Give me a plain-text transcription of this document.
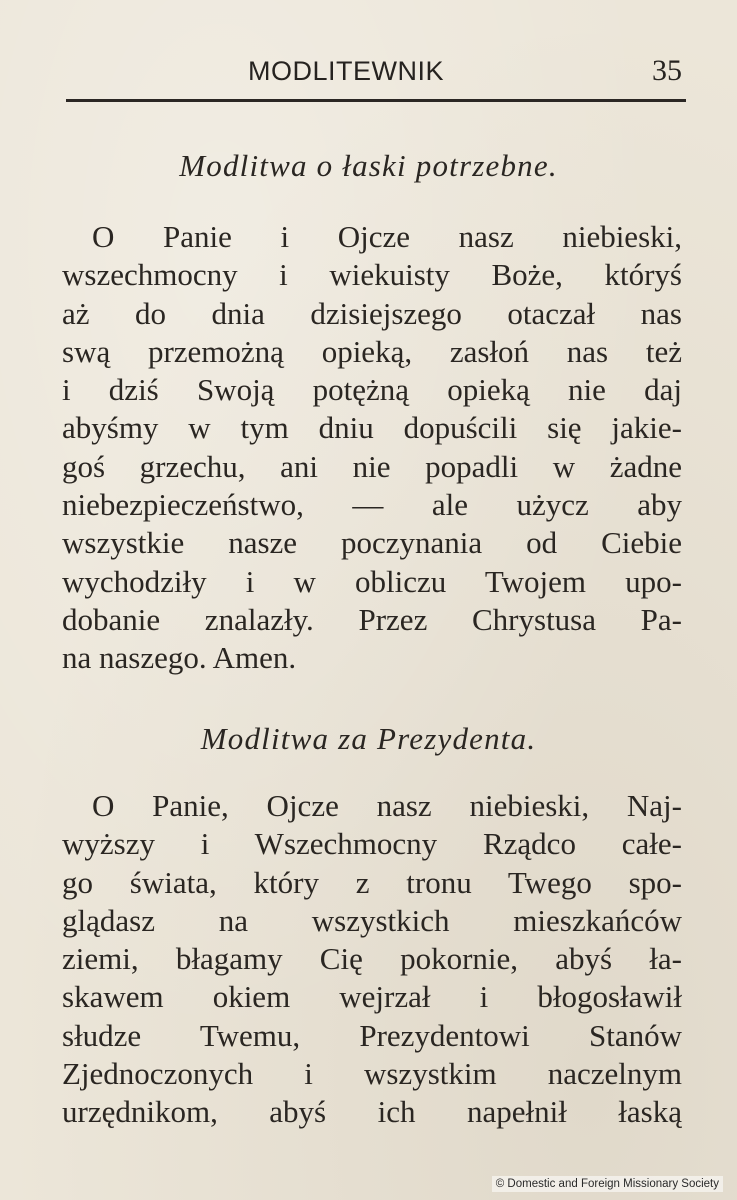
MODLITEWNIK	35
Modlitwa o łaski potrzebne.
O Panie i Ojcze nasz niebieski,
wszechmocny i wiekuisty Boże, któryś
aż do dnia dzisiejszego otaczał nas
swą przemożną opieką, zasłoń nas też
i dziś Swoją potężną opieką nie daj
abyśmy w tym dniu dopuścili się jakie-
goś grzechu, ani nie popadli w żadne
niebezpieczeństwo, — ale użycz aby
wszystkie nasze poczynania od Ciebie
wychodziły i w obliczu Twojem upo-
dobanie znalazły. Przez Chrystusa Pa-
na naszego. Amen.
Modlitwa za Prezydenta.
O Panie, Ojcze nasz niebieski, Naj-
wyższy i Wszechmocny Rządco całe-
go świata, który z tronu Twego spo-
glądasz na wszystkich mieszkańców
ziemi, błagamy Cię pokornie, abyś ła-
skawem okiem wejrzał i błogosławił
słudze Twemu, Prezydentowi Stanów
Zjednoczonych i wszystkim naczelnym
urzędnikom, abyś ich napełnił łaską
© Domestic and Foreign Missionary Society
